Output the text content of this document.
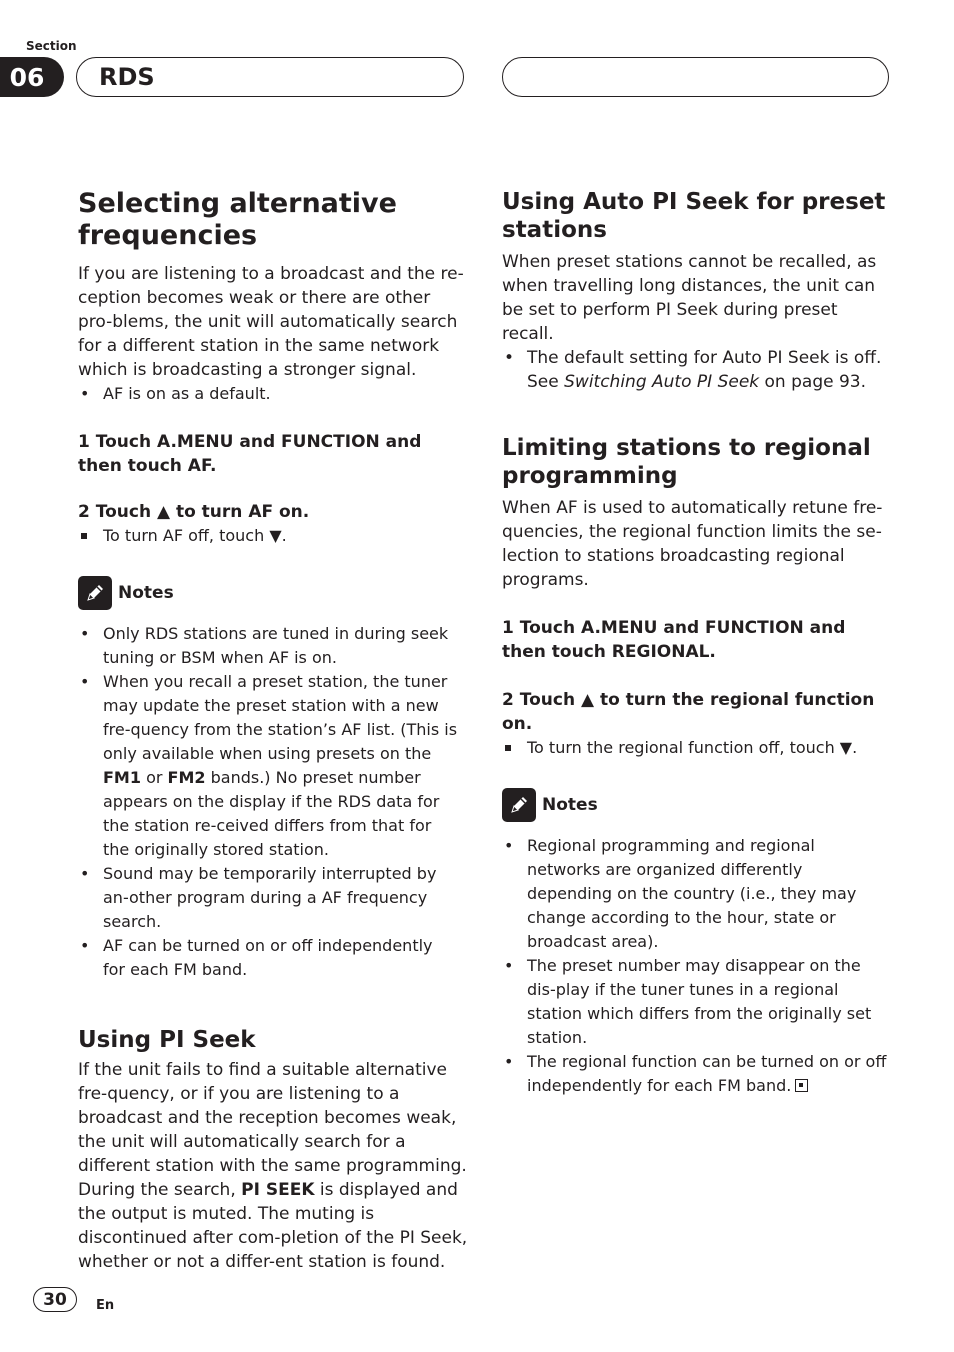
Section
06	RDS
Selecting alternative frequencies

If you are listening to a broadcast and the re-ception becomes weak or there are other pro-blems, the unit will automatically search for a different station in the same network which is broadcasting a stronger signal.

• AF is on as a default.

1 Touch A.MENU and FUNCTION and then touch AF.

2 Touch ▲ to turn AF on.

To turn AF off, touch ▼.
Notes
• Only RDS stations are tuned in during seek tuning or BSM when AF is on.
• When you recall a preset station, the tuner may update the preset station with a new fre-quency from the station’s AF list. (This is only available when using presets on the FM1 or FM2 bands.) No preset number appears on the display if the RDS data for the station re-ceived differs from that for the originally stored station.
• Sound may be temporarily interrupted by an-other program during a AF frequency search.
• AF can be turned on or off independently for each FM band.
Using PI Seek

If the unit fails to find a suitable alternative fre-quency, or if you are listening to a broadcast and the reception becomes weak, the unit will automatically search for a different station with the same programming. During the search, PI SEEK is displayed and the output is muted. The muting is discontinued after com-pletion of the PI Seek, whether or not a differ-ent station is found.

Using Auto PI Seek for preset stations

When preset stations cannot be recalled, as when travelling long distances, the unit can be set to perform PI Seek during preset recall.

• The default setting for Auto PI Seek is off. See Switching Auto PI Seek on page 93.
Limiting stations to regional programming

When AF is used to automatically retune fre-quencies, the regional function limits the se-lection to stations broadcasting regional programs.

1 Touch A.MENU and FUNCTION and then touch REGIONAL.

2 Touch ▲ to turn the regional function on.

To turn the regional function off, touch ▼.
Notes
• Regional programming and regional networks are organized differently depending on the country (i.e., they may change according to the hour, state or broadcast area).
• The preset number may disappear on the dis-play if the tuner tunes in a regional station which differs from the originally set station.
• The regional function can be turned on or off independently for each FM band.
30	En
